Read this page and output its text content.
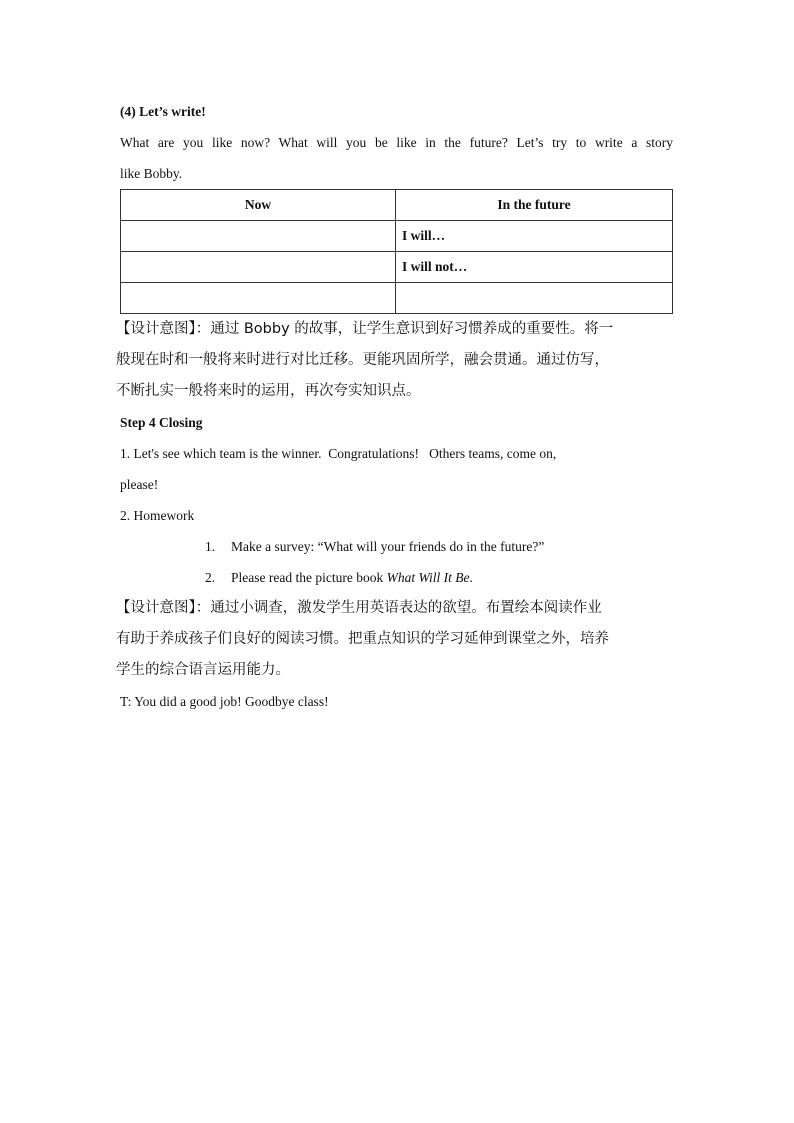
(4) Let’s write!
What are you like now? What will you be like in the future? Let’s try to write a story
like Bobby.
Now	In the future
	I will…
	I will not…

【设计意图】：通过 Bobby 的故事，让学生意识到好习惯养成的重要性。将一
般现在时和一般将来时进行对比迁移。更能巩固所学，融会贯通。通过仿写，
不断扎实一般将来时的运用，再次夸实知识点。
Step 4 Closing
1. Let's see which team is the winner.  Congratulations!   Others teams, come on,
please!
2. Homework
1. Make a survey: “What will your friends do in the future?”
2. Please read the picture book What Will It Be.
【设计意图】：通过小调查，激发学生用英语表达的欲望。布置绘本阅读作业
有助于养成孩子们良好的阅读习惯。把重点知识的学习延伸到课堂之外，培养
学生的综合语言运用能力。
T: You did a good job! Goodbye class!
